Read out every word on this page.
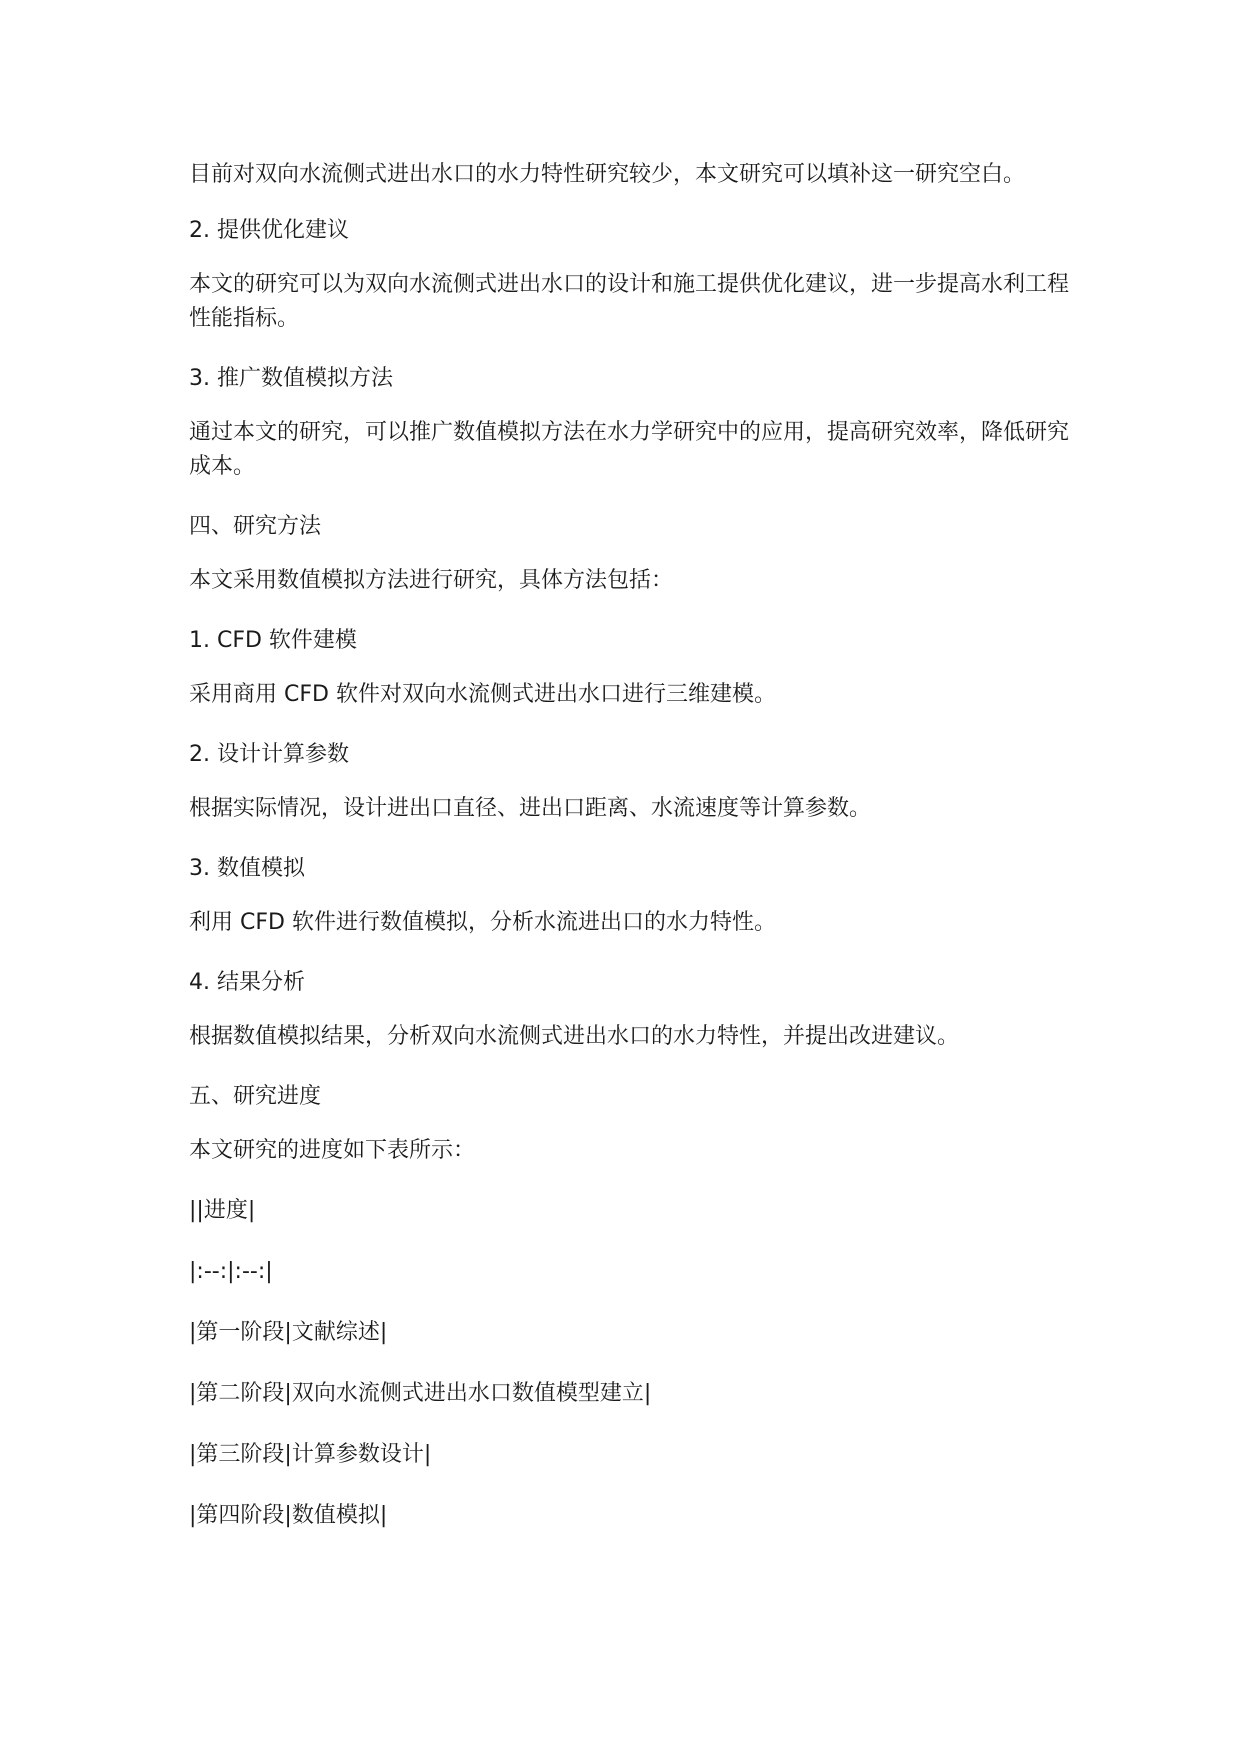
目前对双向水流侧式进出水口的水力特性研究较少，本文研究可以填补这一研究空白。

2. 提供优化建议

本文的研究可以为双向水流侧式进出水口的设计和施工提供优化建议，进一步提高水利工程性能指标。

3. 推广数值模拟方法

通过本文的研究，可以推广数值模拟方法在水力学研究中的应用，提高研究效率，降低研究成本。

四、研究方法

本文采用数值模拟方法进行研究，具体方法包括：

1. CFD 软件建模

采用商用 CFD 软件对双向水流侧式进出水口进行三维建模。

2. 设计计算参数

根据实际情况，设计进出口直径、进出口距离、水流速度等计算参数。

3. 数值模拟

利用 CFD 软件进行数值模拟，分析水流进出口的水力特性。

4. 结果分析

根据数值模拟结果，分析双向水流侧式进出水口的水力特性，并提出改进建议。

五、研究进度

本文研究的进度如下表所示：

||进度|

|:--:|:--:|

|第一阶段|文献综述|

|第二阶段|双向水流侧式进出水口数值模型建立|

|第三阶段|计算参数设计|

|第四阶段|数值模拟|
